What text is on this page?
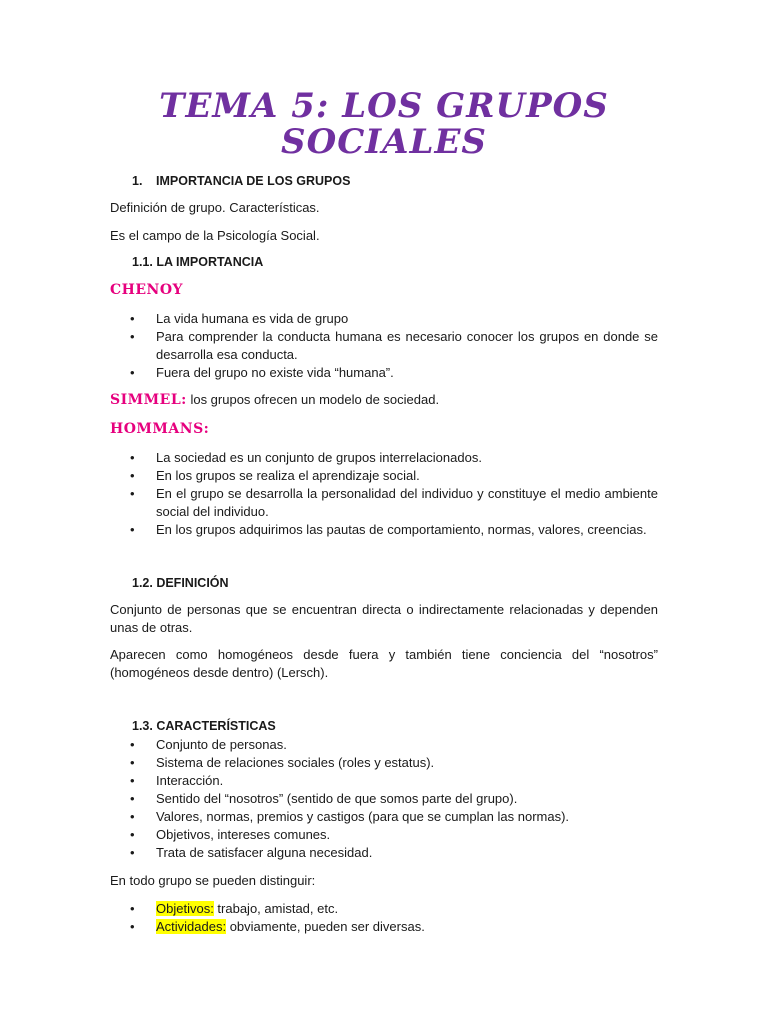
TEMA 5: LOS GRUPOS
SOCIALES
1. IMPORTANCIA DE LOS GRUPOS
Definición de grupo. Características.
Es el campo de la Psicología Social.
1.1. LA IMPORTANCIA
CHENOY
•	La vida humana es vida de grupo
•	Para comprender la conducta humana es necesario conocer los grupos en donde se desarrolla esa conducta.
•	Fuera del grupo no existe vida “humana”.
SIMMEL: los grupos ofrecen un modelo de sociedad.
HOMMANS:
•	La sociedad es un conjunto de grupos interrelacionados.
•	En los grupos se realiza el aprendizaje social.
•	En el grupo se desarrolla la personalidad del individuo y constituye el medio ambiente social del individuo.
•	En los grupos adquirimos las pautas de comportamiento, normas, valores, creencias.
1.2. DEFINICIÓN
Conjunto de personas que se encuentran directa o indirectamente relacionadas y dependen unas de otras.
Aparecen como homogéneos desde fuera y también tiene conciencia del “nosotros” (homogéneos desde dentro) (Lersch).
1.3. CARACTERÍSTICAS
•	Conjunto de personas.
•	Sistema de relaciones sociales (roles y estatus).
•	Interacción.
•	Sentido del “nosotros” (sentido de que somos parte del grupo).
•	Valores, normas, premios y castigos (para que se cumplan las normas).
•	Objetivos, intereses comunes.
•	Trata de satisfacer alguna necesidad.
En todo grupo se pueden distinguir:
•	Objetivos: trabajo, amistad, etc.
•	Actividades: obviamente, pueden ser diversas.
